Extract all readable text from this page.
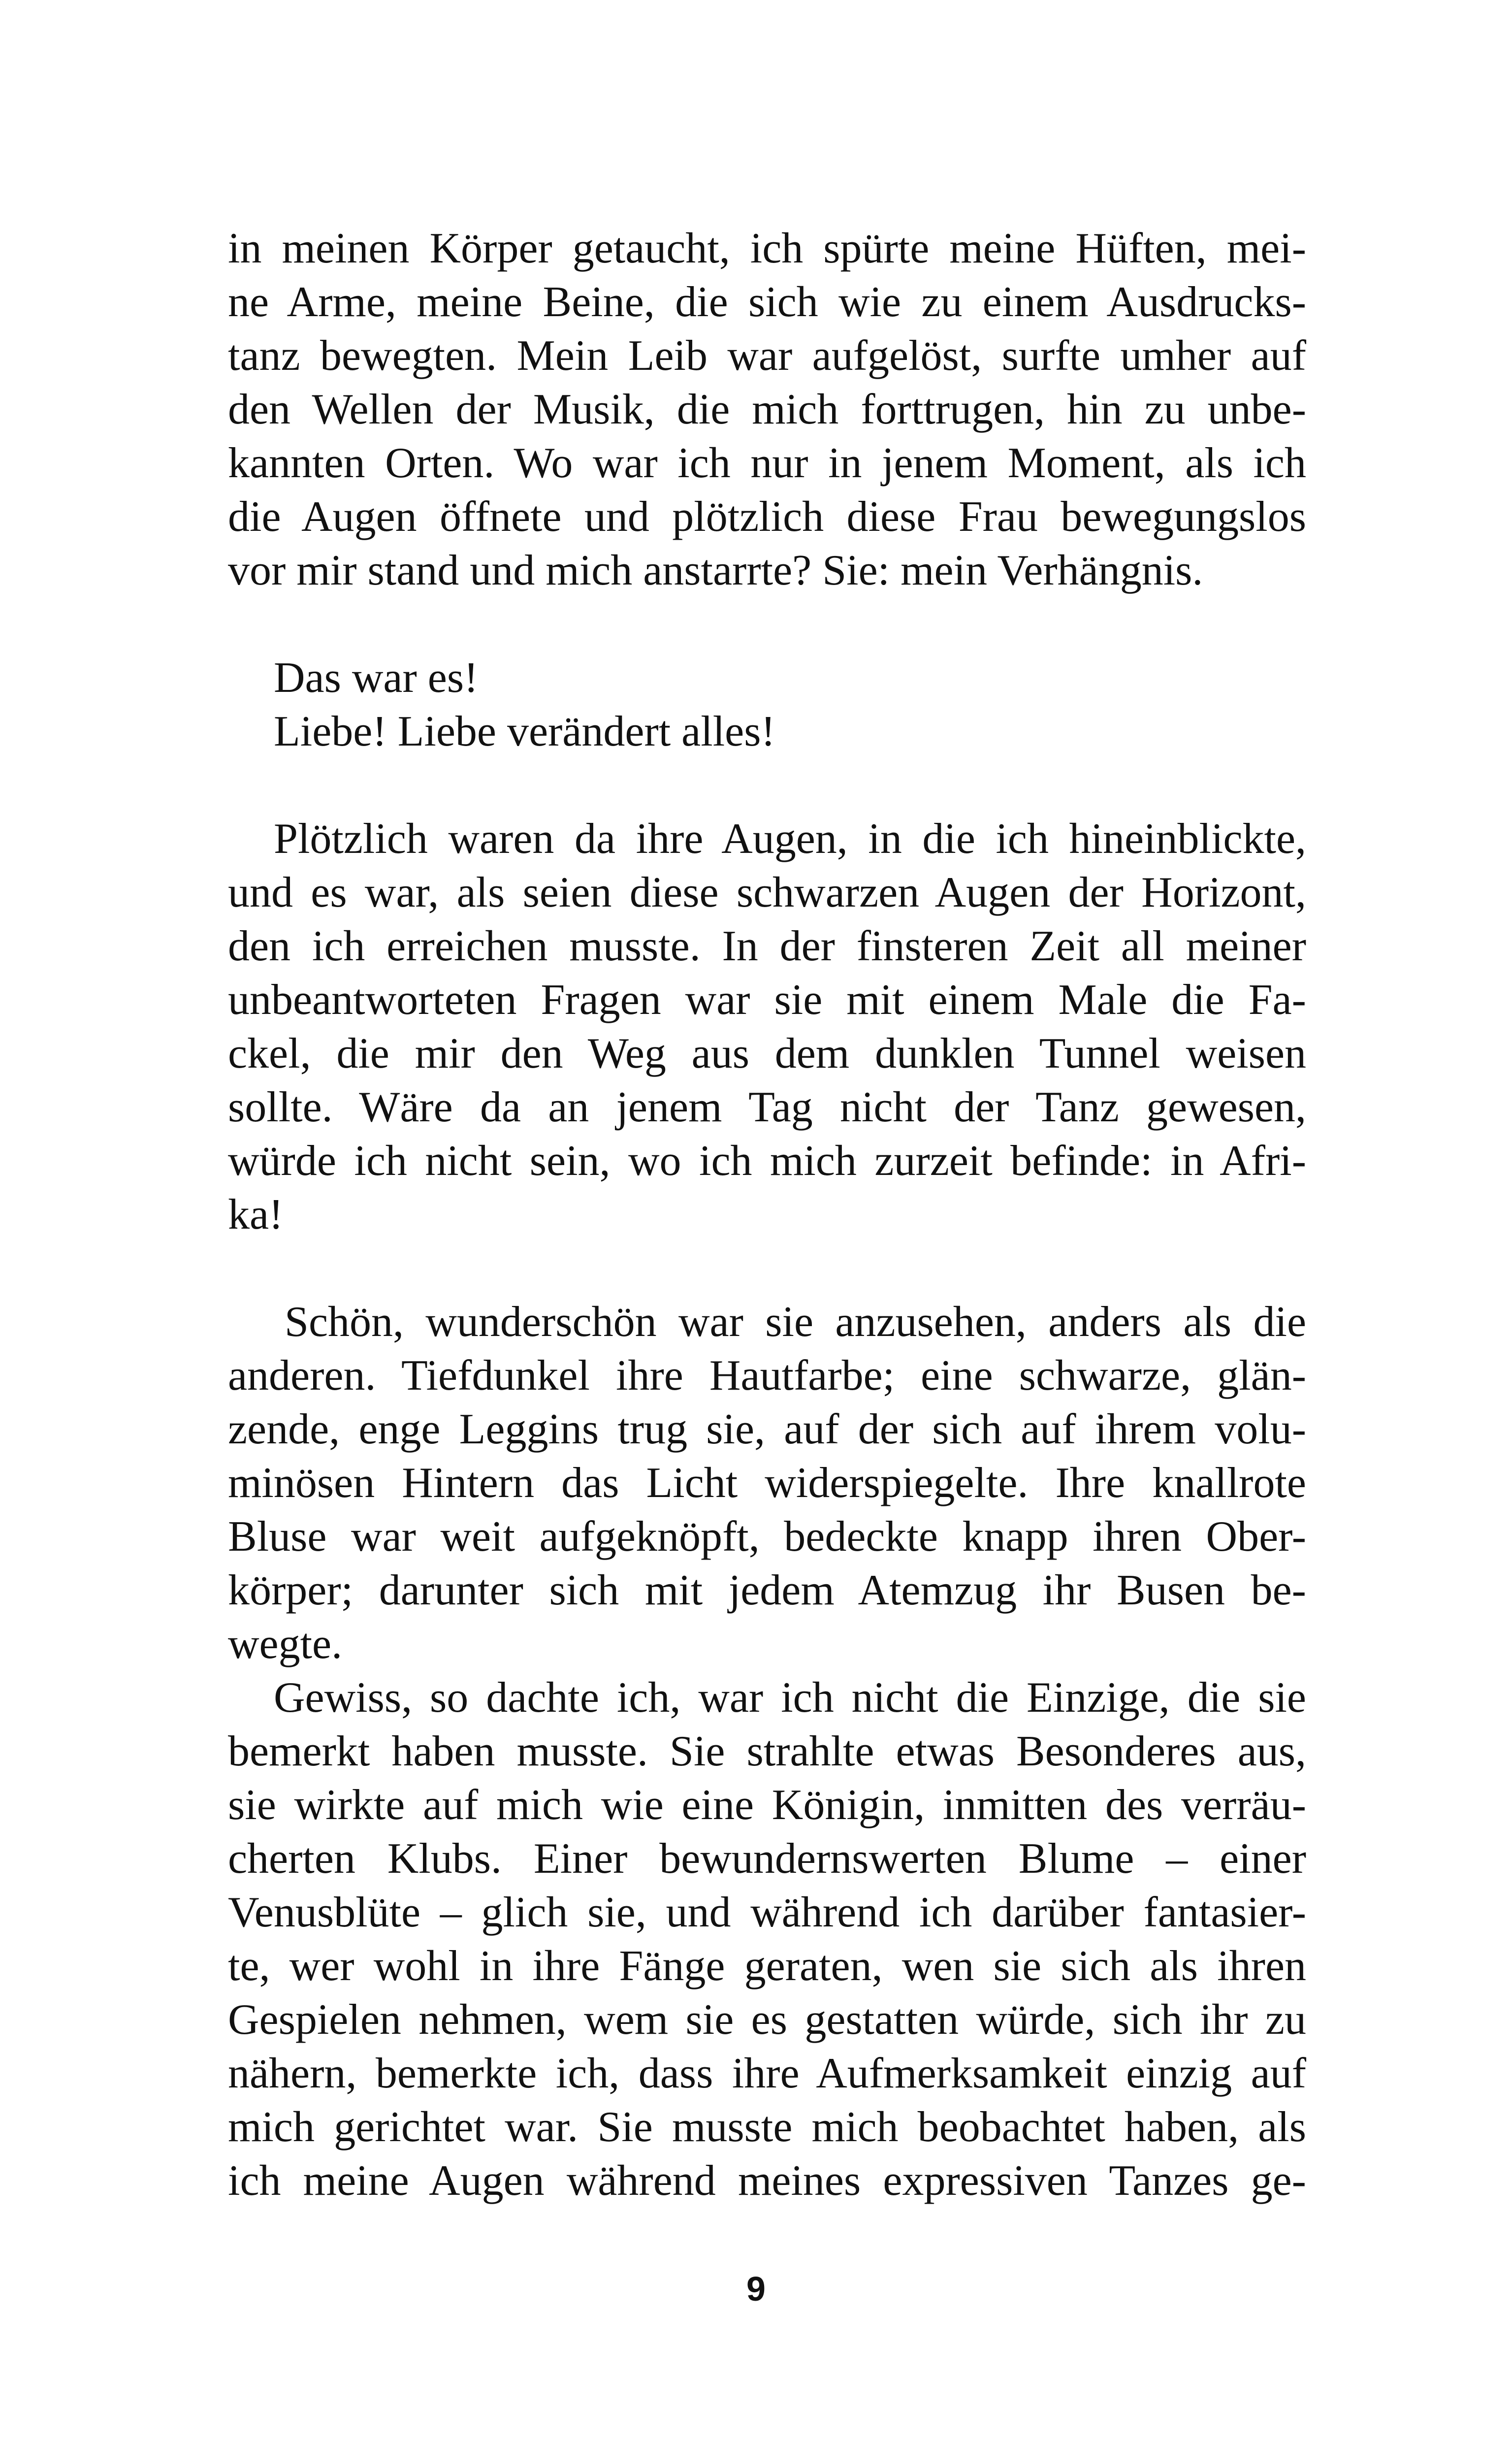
in meinen Körper getaucht, ich spürte meine Hüften, mei-
ne Arme, meine Beine, die sich wie zu einem Ausdrucks-
tanz bewegten. Mein Leib war aufgelöst, surfte umher auf
den Wellen der Musik, die mich forttrugen, hin zu unbe-
kannten Orten. Wo war ich nur in jenem Moment, als ich
die Augen öffnete und plötzlich diese Frau bewegungslos
vor mir stand und mich anstarrte? Sie: mein Verhängnis.
Das war es!
Liebe! Liebe verändert alles!
Plötzlich waren da ihre Augen, in die ich hineinblickte,
und es war, als seien diese schwarzen Augen der Horizont,
den ich erreichen musste. In der finsteren Zeit all meiner
unbeantworteten Fragen war sie mit einem Male die Fa-
ckel, die mir den Weg aus dem dunklen Tunnel weisen
sollte. Wäre da an jenem Tag nicht der Tanz gewesen,
würde ich nicht sein, wo ich mich zurzeit befinde: in Afri-
ka!
Schön, wunderschön war sie anzusehen, anders als die
anderen. Tiefdunkel ihre Hautfarbe; eine schwarze, glän-
zende, enge Leggins trug sie, auf der sich auf ihrem volu-
minösen Hintern das Licht widerspiegelte. Ihre knallrote
Bluse war weit aufgeknöpft, bedeckte knapp ihren Ober-
körper; darunter sich mit jedem Atemzug ihr Busen be-
wegte.
Gewiss, so dachte ich, war ich nicht die Einzige, die sie
bemerkt haben musste. Sie strahlte etwas Besonderes aus,
sie wirkte auf mich wie eine Königin, inmitten des verräu-
cherten Klubs. Einer bewundernswerten Blume – einer
Venusblüte – glich sie, und während ich darüber fantasier-
te, wer wohl in ihre Fänge geraten, wen sie sich als ihren
Gespielen nehmen, wem sie es gestatten würde, sich ihr zu
nähern, bemerkte ich, dass ihre Aufmerksamkeit einzig auf
mich gerichtet war. Sie musste mich beobachtet haben, als
ich meine Augen während meines expressiven Tanzes ge-
9
